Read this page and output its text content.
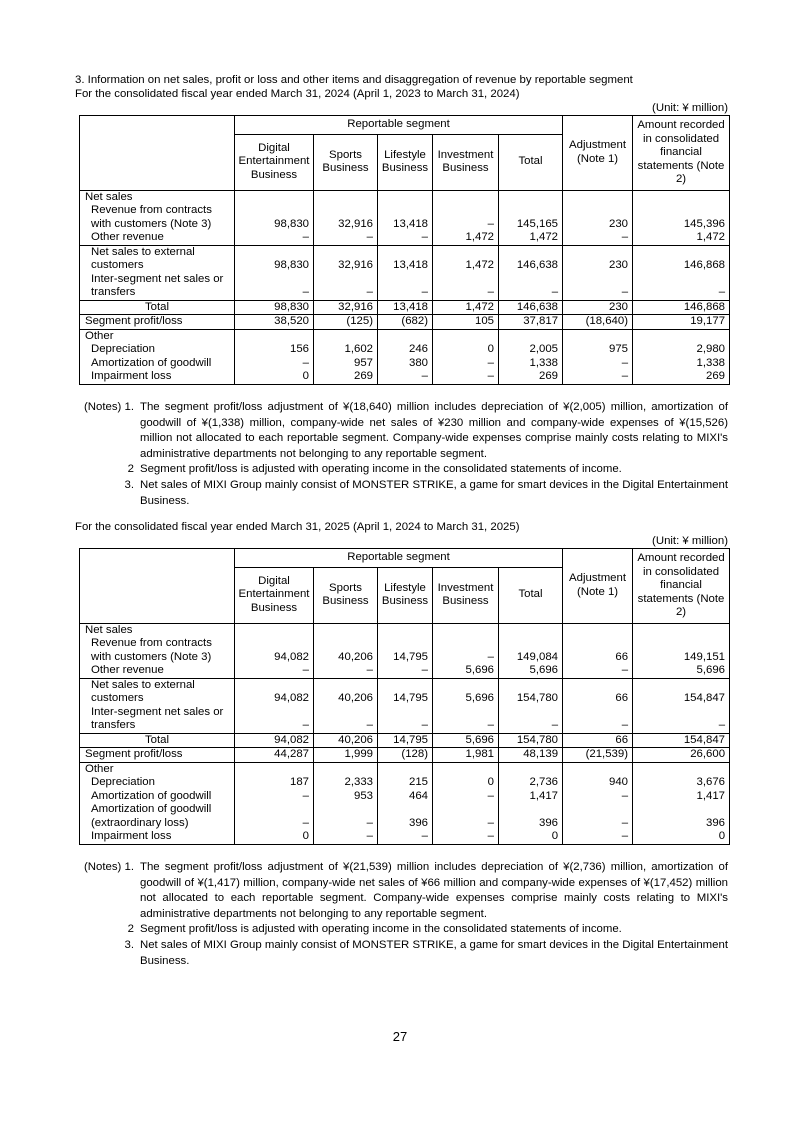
3. Information on net sales, profit or loss and other items and disaggregation of revenue by reportable segment
For the consolidated fiscal year ended March 31, 2024 (April 1, 2023 to March 31, 2024)
(Unit: ¥ million)
	Reportable segment					Adjustment (Note 1)	Amount recorded in consolidated financial statements (Note 2)
	Digital Entertainment Business	Sports Business	Lifestyle Business	Investment Business	Total		
Net sales							
Revenue from contracts with customers (Note 3)	98,830	32,916	13,418	–	145,165	230	145,396
Other revenue	–	–	–	1,472	1,472	–	1,472
Net sales to external customers	98,830	32,916	13,418	1,472	146,638	230	146,868
Inter-segment net sales or transfers	–	–	–	–	–	–	–
Total	98,830	32,916	13,418	1,472	146,638	230	146,868
Segment profit/loss	38,520	(125)	(682)	105	37,817	(18,640)	19,177
Other							
Depreciation	156	1,602	246	0	2,005	975	2,980
Amortization of goodwill	–	957	380	–	1,338	–	1,338
Impairment loss	0	269	–	–	269	–	269
(Notes) 1. The segment profit/loss adjustment of ¥(18,640) million includes depreciation of ¥(2,005) million, amortization of goodwill of ¥(1,338) million, company-wide net sales of ¥230 million and company-wide expenses of ¥(15,526) million not allocated to each reportable segment. Company-wide expenses comprise mainly costs relating to MIXI's administrative departments not belonging to any reportable segment.
2 Segment profit/loss is adjusted with operating income in the consolidated statements of income.
3. Net sales of MIXI Group mainly consist of MONSTER STRIKE, a game for smart devices in the Digital Entertainment Business.
For the consolidated fiscal year ended March 31, 2025 (April 1, 2024 to March 31, 2025)
(Unit: ¥ million)
	Reportable segment					Adjustment (Note 1)	Amount recorded in consolidated financial statements (Note 2)
	Digital Entertainment Business	Sports Business	Lifestyle Business	Investment Business	Total		
Net sales							
Revenue from contracts with customers (Note 3)	94,082	40,206	14,795	–	149,084	66	149,151
Other revenue	–	–	–	5,696	5,696	–	5,696
Net sales to external customers	94,082	40,206	14,795	5,696	154,780	66	154,847
Inter-segment net sales or transfers	–	–	–	–	–	–	–
Total	94,082	40,206	14,795	5,696	154,780	66	154,847
Segment profit/loss	44,287	1,999	(128)	1,981	48,139	(21,539)	26,600
Other							
Depreciation	187	2,333	215	0	2,736	940	3,676
Amortization of goodwill	–	953	464	–	1,417	–	1,417
Amortization of goodwill (extraordinary loss)	–	–	396	–	396	–	396
Impairment loss	0	–	–	–	0	–	0
(Notes) 1. The segment profit/loss adjustment of ¥(21,539) million includes depreciation of ¥(2,736) million, amortization of goodwill of ¥(1,417) million, company-wide net sales of ¥66 million and company-wide expenses of ¥(17,452) million not allocated to each reportable segment. Company-wide expenses comprise mainly costs relating to MIXI's administrative departments not belonging to any reportable segment.
2 Segment profit/loss is adjusted with operating income in the consolidated statements of income.
3. Net sales of MIXI Group mainly consist of MONSTER STRIKE, a game for smart devices in the Digital Entertainment Business.
27
